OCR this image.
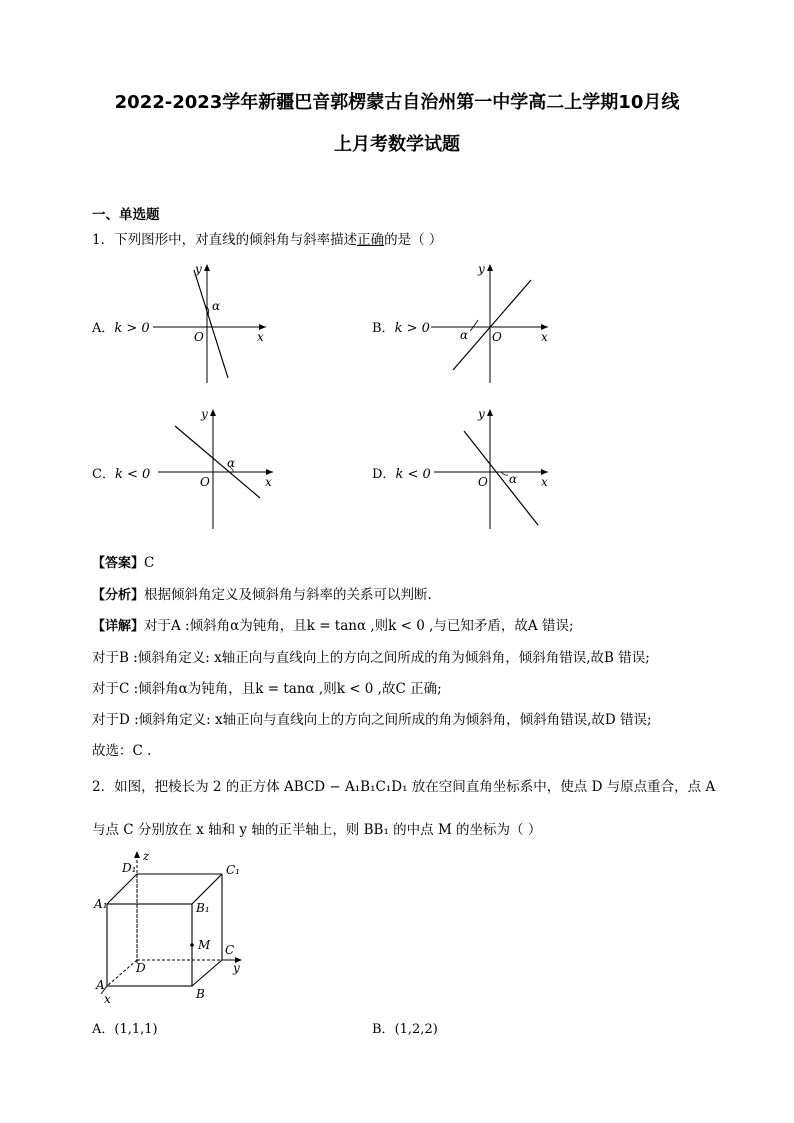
2022-2023学年新疆巴音郭楞蒙古自治州第一中学高二上学期10月线
上月考数学试题
一、单选题
1．下列图形中，对直线的倾斜角与斜率描述正确的是（ ）
A．k > 0
y
x
O
α
B．k > 0
y
x
O
α
C．k < 0
y
x
O
α
D．k < 0
y
x
O α
【答案】C
【分析】根据倾斜角定义及倾斜角与斜率的关系可以判断.
【详解】对于A :倾斜角α为钝角，且k = tanα ,则k < 0 ,与已知矛盾，故A 错误;
对于B :倾斜角定义: x轴正向与直线向上的方向之间所成的角为倾斜角，倾斜角错误,故B 错误;
对于C :倾斜角α为钝角，且k = tanα ,则k < 0 ,故C 正确;
对于D :倾斜角定义: x轴正向与直线向上的方向之间所成的角为倾斜角，倾斜角错误,故D 错误;
故选：C .
2．如图，把棱长为 2 的正方体 ABCD − A₁B₁C₁D₁ 放在空间直角坐标系中，使点 D 与原点重合，点 A
与点 C 分别放在 x 轴和 y 轴的正半轴上，则 BB₁ 的中点 M 的坐标为（ ）
D₁
z
C₁
A₁	B₁
M C
y
D
A
B
x
A．(1,1,1)	B．(1,2,2)
